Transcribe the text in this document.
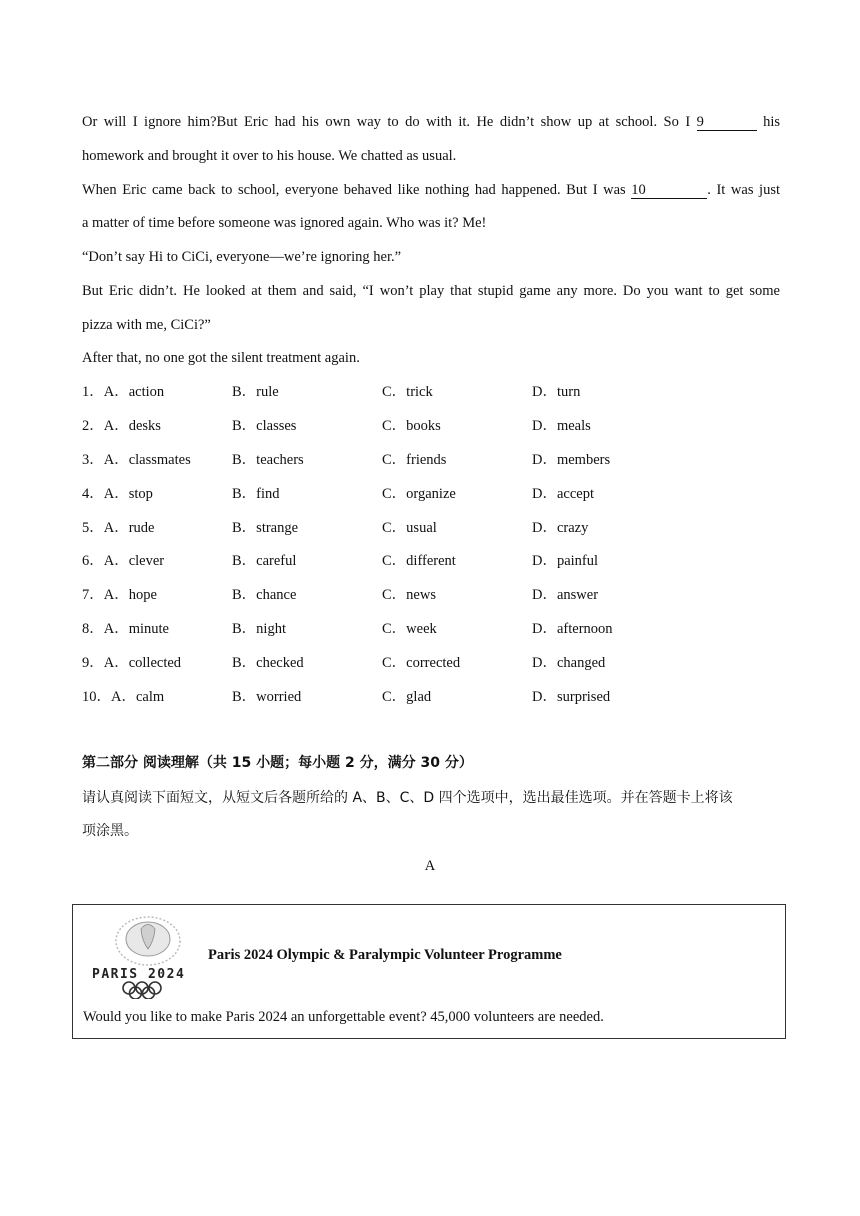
Or will I ignore him?But Eric had his own way to do with it. He didn’t show up at school. So I 9	his
homework and brought it over to his house. We chatted as usual.
When Eric came back to school, everyone behaved like nothing had happened. But I was 10	. It was just
a matter of time before someone was ignored again. Who was it? Me!
“Don’t say Hi to CiCi, everyone—we’re ignoring her.”
But Eric didn’t. He looked at them and said, “I won’t play that stupid game any more. Do you want to get some
pizza with me, CiCi?”
After that, no one got the silent treatment again.
1．A．action	B．rule	C．trick	D．turn
2．A．desks	B．classes	C．books	D．meals
3．A．classmates	B．teachers	C．friends	D．members
4．A．stop	B．find	C．organize	D．accept
5．A．rude	B．strange	C．usual	D．crazy
6．A．clever	B．careful	C．different	D．painful
7．A．hope	B．chance	C．news	D．answer
8．A．minute	B．night	C．week	D．afternoon
9．A．collected	B．checked	C．corrected	D．changed
10．A．calm	B．worried	C．glad	D．surprised
第二部分 阅读理解（共 15 小题；每小题 2 分，满分 30 分）
请认真阅读下面短文，从短文后各题所给的 A、B、C、D 四个选项中，选出最佳选项。并在答题卡上将该
项涂黑。
A
PARIS 2024
Paris 2024 Olympic & Paralympic Volunteer Programme
Would you like to make Paris 2024 an unforgettable event? 45,000 volunteers are needed.
